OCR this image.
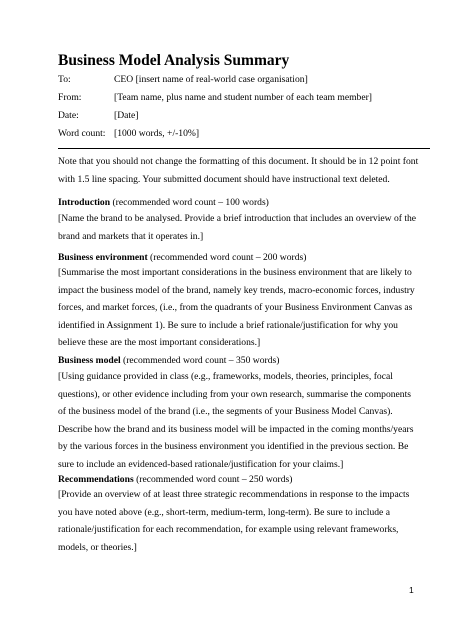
Business Model Analysis Summary
To:	CEO [insert name of real-world case organisation]
From:	[Team name, plus name and student number of each team member]
Date:	[Date]
Word count: [1000 words, +/-10%]
Note that you should not change the formatting of this document. It should be in 12 point font
with 1.5 line spacing. Your submitted document should have instructional text deleted.
Introduction (recommended word count – 100 words)
[Name the brand to be analysed. Provide a brief introduction that includes an overview of the
brand and markets that it operates in.]
Business environment (recommended word count – 200 words)
[Summarise the most important considerations in the business environment that are likely to
impact the business model of the brand, namely key trends, macro-economic forces, industry
forces, and market forces, (i.e., from the quadrants of your Business Environment Canvas as
identified in Assignment 1). Be sure to include a brief rationale/justification for why you
believe these are the most important considerations.]
Business model (recommended word count – 350 words)
[Using guidance provided in class (e.g., frameworks, models, theories, principles, focal
questions), or other evidence including from your own research, summarise the components
of the business model of the brand (i.e., the segments of your Business Model Canvas).
Describe how the brand and its business model will be impacted in the coming months/years
by the various forces in the business environment you identified in the previous section. Be
sure to include an evidenced-based rationale/justification for your claims.]
Recommendations (recommended word count – 250 words)
[Provide an overview of at least three strategic recommendations in response to the impacts
you have noted above (e.g., short-term, medium-term, long-term). Be sure to include a
rationale/justification for each recommendation, for example using relevant frameworks,
models, or theories.]
1
